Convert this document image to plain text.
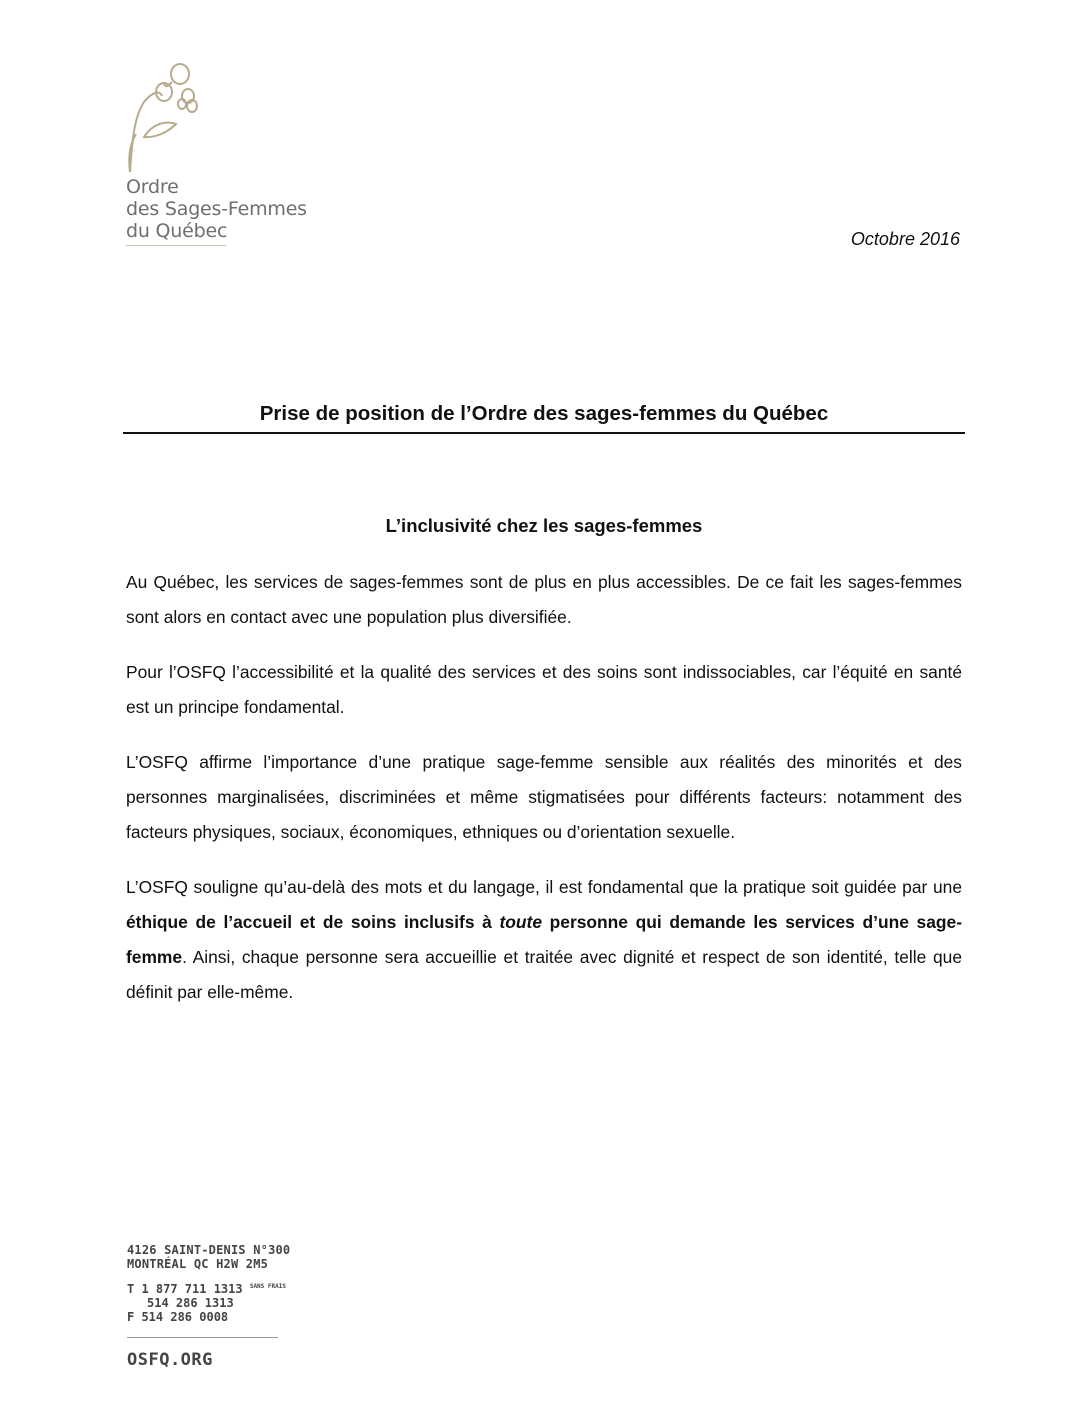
Ordre
des Sages-Femmes
du Québec	Octobre 2016
Prise de position de l’Ordre des sages-femmes du Québec
L’inclusivité chez les sages-femmes

Au Québec, les services de sages-femmes sont de plus en plus accessibles. De ce fait les sages-femmes sont alors en contact avec une population plus diversifiée.

Pour l’OSFQ l’accessibilité et la qualité des services et des soins sont indissociables, car l’équité en santé est un principe fondamental.

L’OSFQ affirme l’importance d’une pratique sage-femme sensible aux réalités des minorités et des personnes marginalisées, discriminées et même stigmatisées pour différents facteurs: notamment des facteurs physiques, sociaux, économiques, ethniques ou d’orientation sexuelle.

L’OSFQ souligne qu’au-delà des mots et du langage, il est fondamental que la pratique soit guidée par une éthique de l’accueil et de soins inclusifs à toute personne qui demande les services d’une sage-femme. Ainsi, chaque personne sera accueillie et traitée avec dignité et respect de son identité, telle que définit par elle-même.

4126 SAINT-DENIS N°300
MONTRÉAL QC H2W 2M5
T 1 877 711 1313 $^{SANS FRAIS}$
514 286 1313
F 514 286 0008
OSFQ.ORG
